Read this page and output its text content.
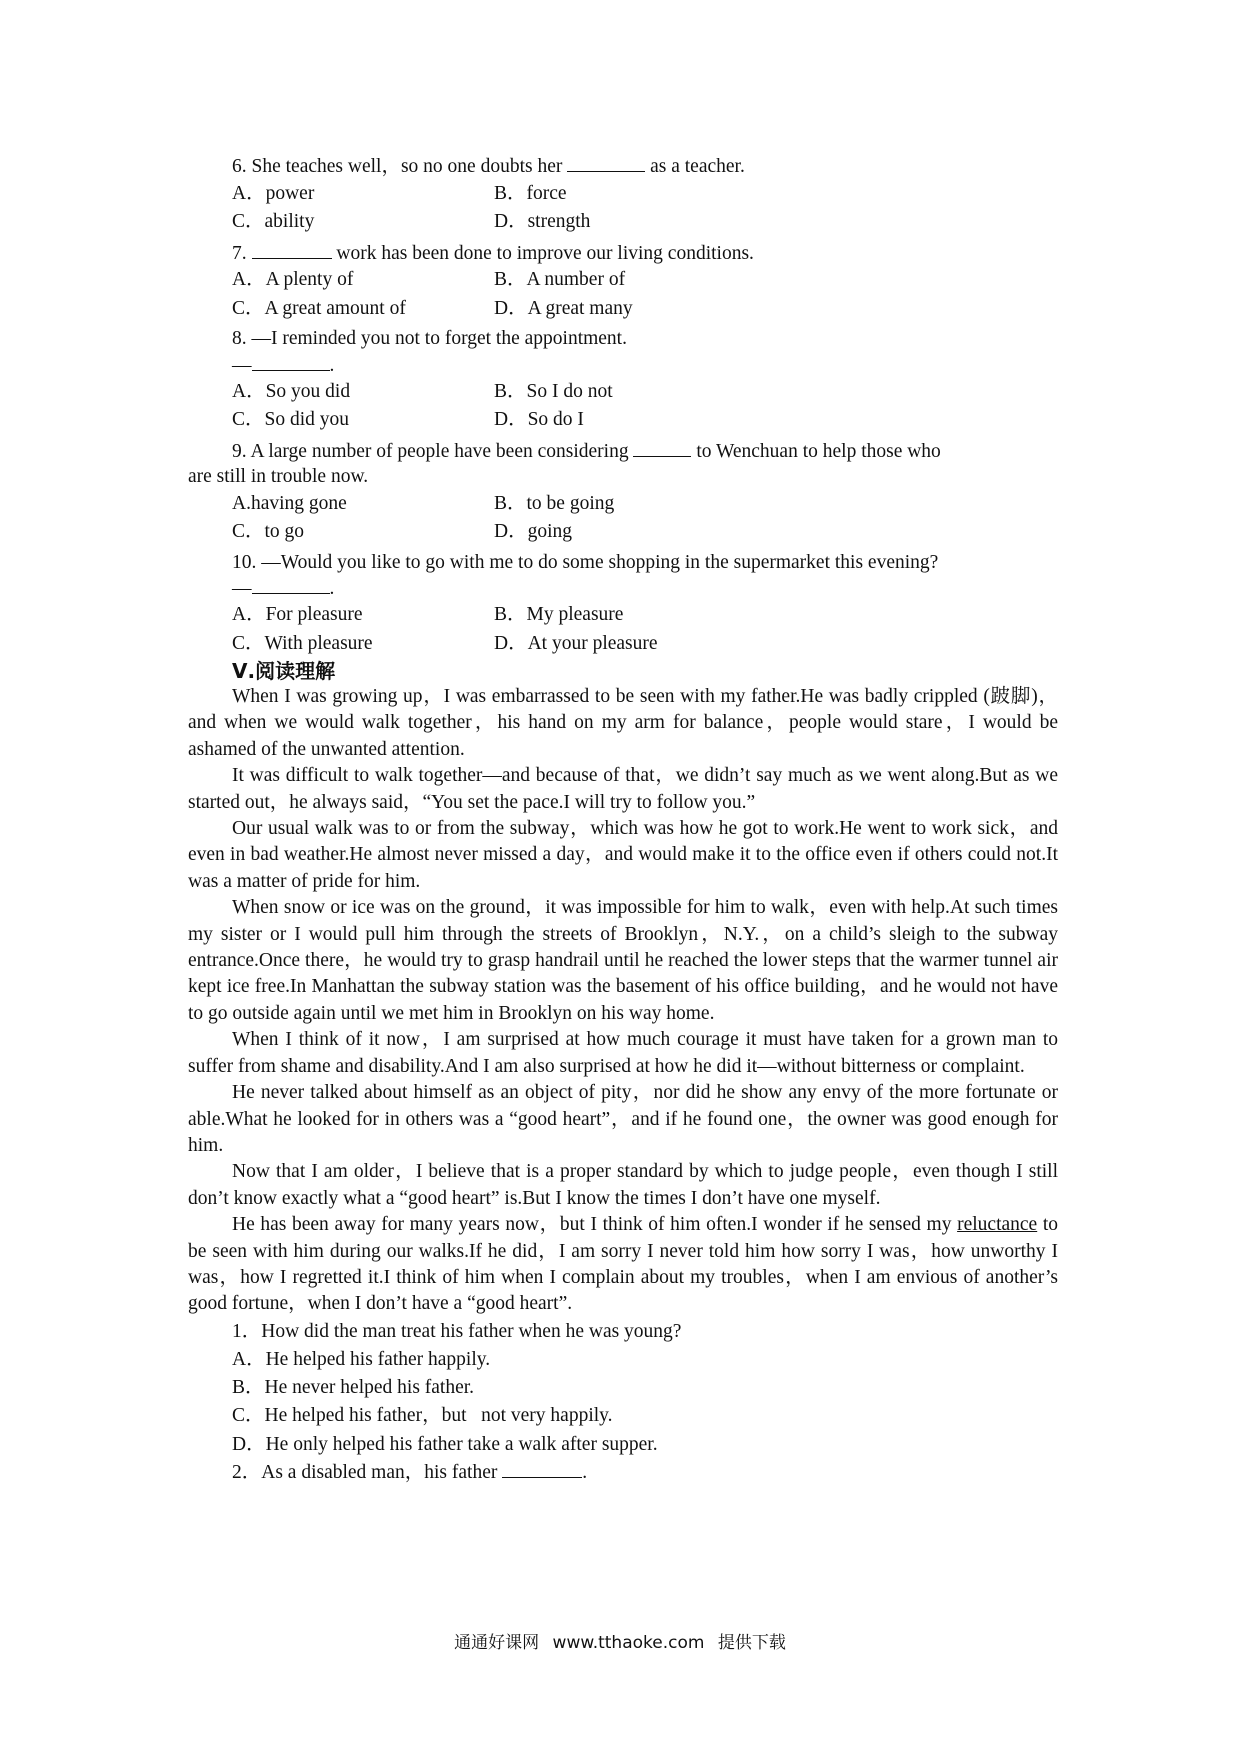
6. She teaches well，so no one doubts her	as a teacher.
A．power	B．force
C．ability	D．strength
7.	work has been done to improve our living conditions.
A．A plenty of	B．A number of
C．A great amount of	D．A great many
8. —I reminded you not to forget the appointment.
—	.
A．So you did	B．So I do not
C．So did you	D．So do I
9. A large number of people have been considering	to Wenchuan to help those who
are still in trouble now.
A.having gone	B．to be going
C．to go	D．going
10. —Would you like to go with me to do some shopping in the supermarket this evening?
—	.
A．For pleasure	B．My pleasure
C．With pleasure	D．At your pleasure
Ⅴ.阅读理解

When I was growing up，I was embarrassed to be seen with my father.He was badly crippled (跛脚)，and when we would walk together，his hand on my arm for balance，people would stare，I would be ashamed of the unwanted attention.

It was difficult to walk together—and because of that，we didn’t say much as we went along.But as we started out，he always said，“You set the pace.I will try to follow you.”

Our usual walk was to or from the subway，which was how he got to work.He went to work sick，and even in bad weather.He almost never missed a day，and would make it to the office even if others could not.It was a matter of pride for him.

When snow or ice was on the ground，it was impossible for him to walk，even with help.At such times my sister or I would pull him through the streets of Brooklyn，N.Y.，on a child’s sleigh to the subway entrance.Once there，he would try to grasp handrail until he reached the lower steps that the warmer tunnel air kept ice free.In Manhattan the subway station was the basement of his office building，and he would not have to go outside again until we met him in Brooklyn on his way home.

When I think of it now，I am surprised at how much courage it must have taken for a grown man to suffer from shame and disability.And I am also surprised at how he did it—without bitterness or complaint.

He never talked about himself as an object of pity，nor did he show any envy of the more fortunate or able.What he looked for in others was a “good heart”，and if he found one，the owner was good enough for him.

Now that I am older，I believe that is a proper standard by which to judge people，even though I still don’t know exactly what a “good heart” is.But I know the times I don’t have one myself.

He has been away for many years now，but I think of him often.I wonder if he sensed my reluctance to be seen with him during our walks.If he did，I am sorry I never told him how sorry I was，how unworthy I was，how I regretted it.I think of him when I complain about my troubles，when I am envious of another’s good fortune，when I don’t have a “good heart”.

1．How did the man treat his father when he was young?
A．He helped his father happily.
B．He never helped his father.
C．He helped his father，but   not very happily.
D．He only helped his father take a walk after supper.
2．As a disabled man，his father	.
通通好课网 www.tthaoke.com 提供下载
